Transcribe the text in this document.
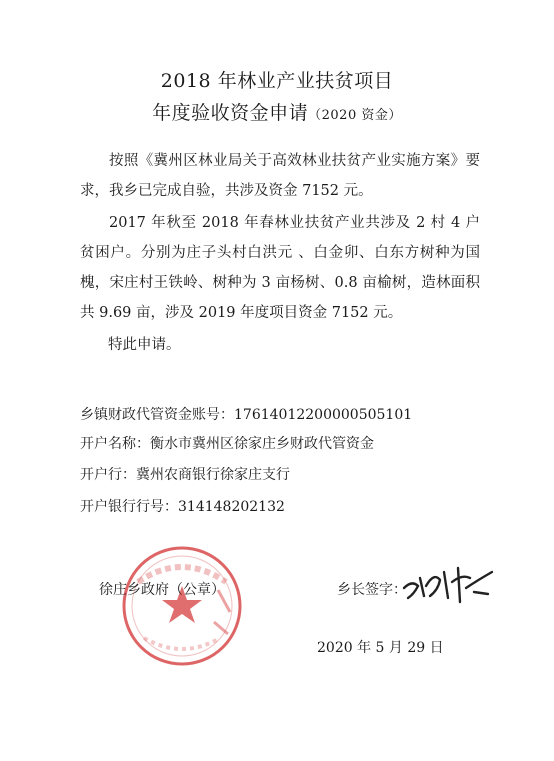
2018 年林业产业扶贫项目
年度验收资金申请（2020 资金）
按照《冀州区林业局关于高效林业扶贫产业实施方案》要求，我乡已完成自验，共涉及资金 7152 元。
2017 年秋至 2018 年春林业扶贫产业共涉及 2 村 4 户贫困户。分别为庄子头村白洪元 、白金卯、白东方树种为国槐，宋庄村王铁岭、树种为 3 亩杨树、0.8 亩榆树，造林面积共 9.69 亩，涉及 2019 年度项目资金 7152 元。
特此申请。
乡镇财政代管资金账号：17614012200000505101
开户名称：衡水市冀州区徐家庄乡财政代管资金
开户行：冀州农商银行徐家庄支行
开户银行行号：314148202132
徐庄乡政府（公章）	乡长签字：
2020 年 5 月 29 日
